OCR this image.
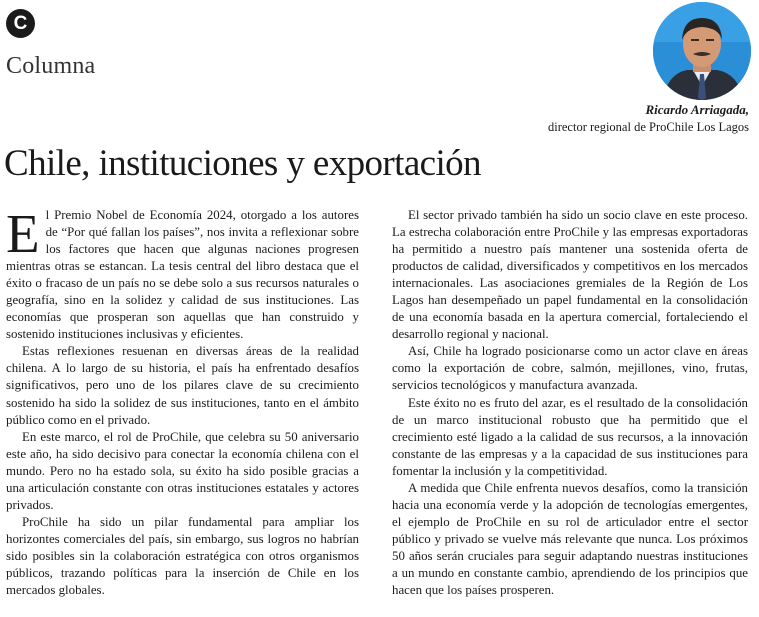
C
Columna
Ricardo Arriagada,
director regional de ProChile Los Lagos
Chile, instituciones y exportación

El Premio Nobel de Economía 2024, otorgado a los autores de “Por qué fallan los países”, nos invita a reflexionar sobre los factores que hacen que algunas naciones progresen mientras otras se estancan. La tesis central del libro destaca que el éxito o fracaso de un país no se debe solo a sus recursos naturales o geografía, sino en la solidez y calidad de sus instituciones. Las economías que prosperan son aquellas que han construido y sostenido instituciones inclusivas y eficientes.

Estas reflexiones resuenan en diversas áreas de la realidad chilena. A lo largo de su historia, el país ha enfrentado desafíos significativos, pero uno de los pilares clave de su crecimiento sostenido ha sido la solidez de sus instituciones, tanto en el ámbito público como en el privado.

En este marco, el rol de ProChile, que celebra su 50 aniversario este año, ha sido decisivo para conectar la economía chilena con el mundo. Pero no ha estado sola, su éxito ha sido posible gracias a una articulación constante con otras instituciones estatales y actores privados.

ProChile ha sido un pilar fundamental para ampliar los horizontes comerciales del país, sin embargo, sus logros no habrían sido posibles sin la colaboración estratégica con otros organismos públicos, trazando políticas para la inserción de Chile en los mercados globales.

El sector privado también ha sido un socio clave en este proceso. La estrecha colaboración entre ProChile y las empresas exportadoras ha permitido a nuestro país mantener una sostenida oferta de productos de calidad, diversificados y competitivos en los mercados internacionales. Las asociaciones gremiales de la Región de Los Lagos han desempeñado un papel fundamental en la consolidación de una economía basada en la apertura comercial, fortaleciendo el desarrollo regional y nacional.

Así, Chile ha logrado posicionarse como un actor clave en áreas como la exportación de cobre, salmón, mejillones, vino, frutas, servicios tecnológicos y manufactura avanzada.

Este éxito no es fruto del azar, es el resultado de la consolidación de un marco institucional robusto que ha permitido que el crecimiento esté ligado a la calidad de sus recursos, a la innovación constante de las empresas y a la capacidad de sus instituciones para fomentar la inclusión y la competitividad.

A medida que Chile enfrenta nuevos desafíos, como la transición hacia una economía verde y la adopción de tecnologías emergentes, el ejemplo de ProChile en su rol de articulador entre el sector público y privado se vuelve más relevante que nunca. Los próximos 50 años serán cruciales para seguir adaptando nuestras instituciones a un mundo en constante cambio, aprendiendo de los principios que hacen que los países prosperen.
